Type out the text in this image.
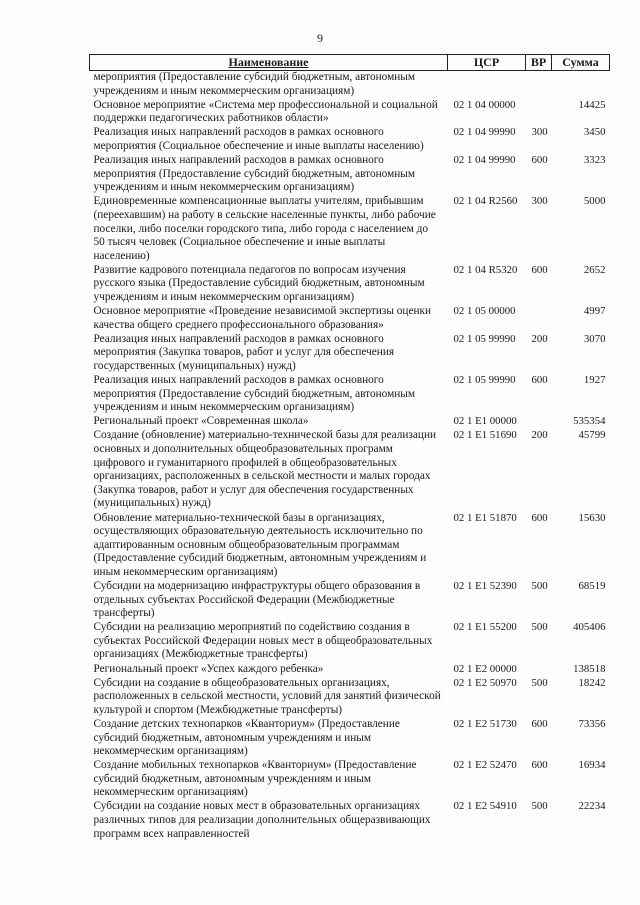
9
Наименование	ЦСР	ВР	Сумма
мероприятия (Предоставление субсидий бюджетным, автономным учреждениям и иным некоммерческим организациям)			
Основное мероприятие «Система мер профессиональной и социальной поддержки педагогических работников области»	02 1 04 00000		14425
Реализация иных направлений расходов в рамках основного мероприятия (Социальное обеспечение и иные выплаты населению)	02 1 04 99990	300	3450
Реализация иных направлений расходов в рамках основного мероприятия (Предоставление субсидий бюджетным, автономным учреждениям и иным некоммерческим организациям)	02 1 04 99990	600	3323
Единовременные компенсационные выплаты учителям, прибывшим (переехавшим) на работу в сельские населенные пункты, либо рабочие поселки, либо поселки городского типа, либо города с населением до 50 тысяч человек (Социальное обеспечение и иные выплаты населению)	02 1 04 R2560	300	5000
Развитие кадрового потенциала педагогов по вопросам изучения русского языка (Предоставление субсидий бюджетным, автономным учреждениям и иным некоммерческим организациям)	02 1 04 R5320	600	2652
Основное мероприятие «Проведение независимой экспертизы оценки качества общего среднего профессионального образования»	02 1 05 00000		4997
Реализация иных направлений расходов в рамках основного мероприятия (Закупка товаров, работ и услуг для обеспечения государственных (муниципальных) нужд)	02 1 05 99990	200	3070
Реализация иных направлений расходов в рамках основного мероприятия (Предоставление субсидий бюджетным, автономным учреждениям и иным некоммерческим организациям)	02 1 05 99990	600	1927
Региональный проект «Современная школа»	02 1 E1 00000		535354
Создание (обновление) материально-технической базы для реализации основных и дополнительных общеобразовательных программ цифрового и гуманитарного профилей в общеобразовательных организациях, расположенных в сельской местности и малых городах (Закупка товаров, работ и услуг для обеспечения государственных (муниципальных) нужд)	02 1 E1 51690	200	45799
Обновление материально-технической базы в организациях, осуществляющих образовательную деятельность исключительно по адаптированным основным общеобразовательным программам (Предоставление субсидий бюджетным, автономным учреждениям и иным некоммерческим организациям)	02 1 E1 51870	600	15630
Субсидии на модернизацию инфраструктуры общего образования в отдельных субъектах Российской Федерации (Межбюджетные трансферты)	02 1 E1 52390	500	68519
Субсидии на реализацию мероприятий по содействию создания в субъектах Российской Федерации новых мест в общеобразовательных организациях (Межбюджетные трансферты)	02 1 E1 55200	500	405406
Региональный проект «Успех каждого ребенка»	02 1 E2 00000		138518
Субсидии на создание в общеобразовательных организациях, расположенных в сельской местности, условий для занятий физической культурой и спортом (Межбюджетные трансферты)	02 1 E2 50970	500	18242
Создание детских технопарков «Кванториум» (Предоставление субсидий бюджетным, автономным учреждениям и иным некоммерческим организациям)	02 1 E2 51730	600	73356
Создание мобильных технопарков «Кванториум» (Предоставление субсидий бюджетным, автономным учреждениям и иным некоммерческим организациям)	02 1 E2 52470	600	16934
Субсидии на создание новых мест в образовательных организациях различных типов для реализации дополнительных общеразвивающих программ всех направленностей	02 1 E2 54910	500	22234
